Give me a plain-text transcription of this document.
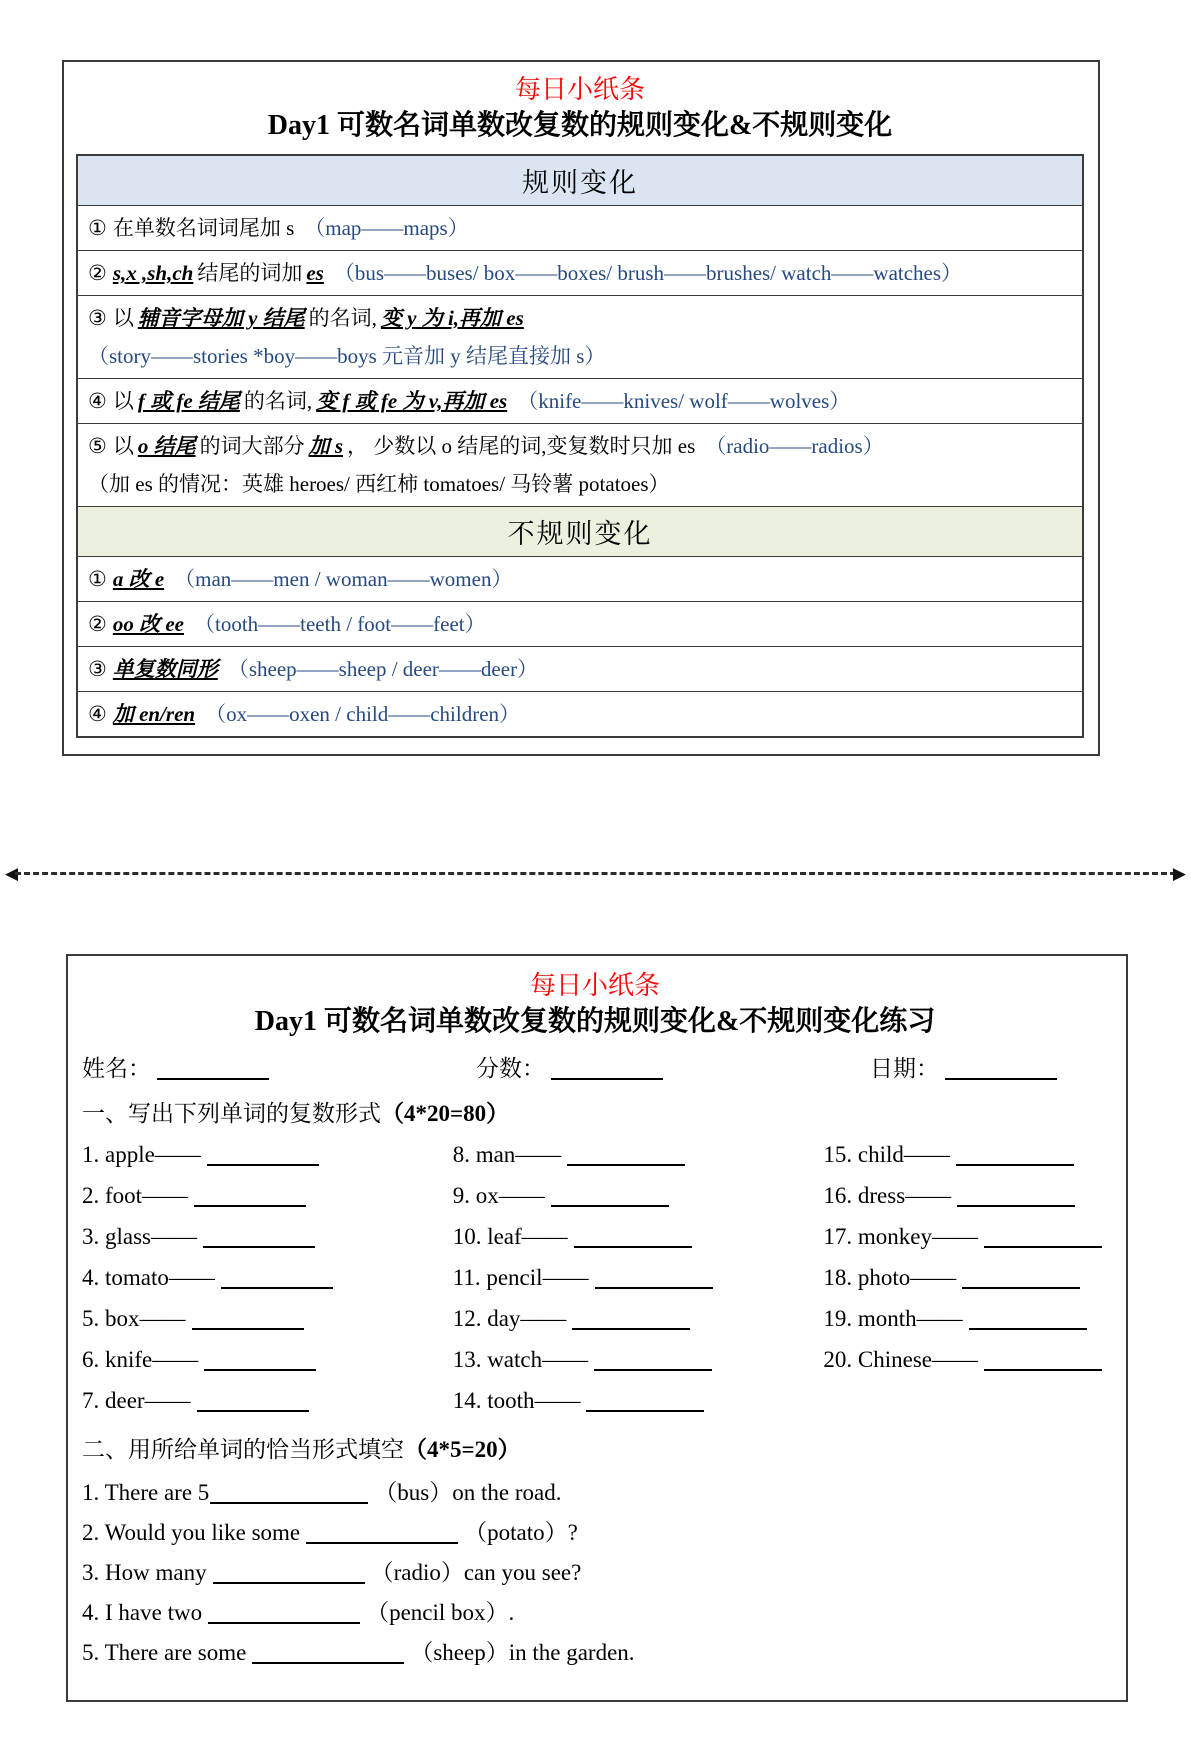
每日小纸条
Day1 可数名词单数改复数的规则变化&不规则变化
规则变化
① 在单数名词词尾加 s （map——maps）
② s,x ,sh,ch 结尾的词加 es （bus——buses/ box——boxes/ brush——brushes/ watch——watches）
③ 以 辅音字母加 y 结尾 的名词, 变 y 为 i,再加 es
（story——stories *boy——boys 元音加 y 结尾直接加 s）
④ 以 f 或 fe 结尾 的名词, 变 f 或 fe 为 v,再加 es （knife——knives/ wolf——wolves）
⑤ 以 o 结尾 的词大部分 加 s ， 少数以 o 结尾的词,变复数时只加 es （radio——radios）
（加 es 的情况：英雄 heroes/ 西红柿 tomatoes/ 马铃薯 potatoes）
不规则变化
① a 改 e （man——men / woman——women）
② oo 改 ee （tooth——teeth / foot——feet）
③ 单复数同形 （sheep——sheep / deer——deer）
④ 加 en/ren （ox——oxen / child——children）
◀	▶
每日小纸条
Day1 可数名词单数改复数的规则变化&不规则变化练习
姓名：	分数：	日期：
一、写出下列单词的复数形式（4*20=80）
1. apple——
2. foot——
3. glass——
4. tomato——
5. box——
6. knife——
7. deer——
8. man——
9. ox——
10. leaf——
11. pencil——
12. day——
13. watch——
14. tooth——
15. child——
16. dress——
17. monkey——
18. photo——
19. month——
20. Chinese——
二、用所给单词的恰当形式填空（4*5=20）
1. There are 5	（bus）on the road.
2. Would you like some	（potato）?
3. How many	（radio）can you see?
4. I have two	（pencil box）.
5. There are some	（sheep）in the garden.
